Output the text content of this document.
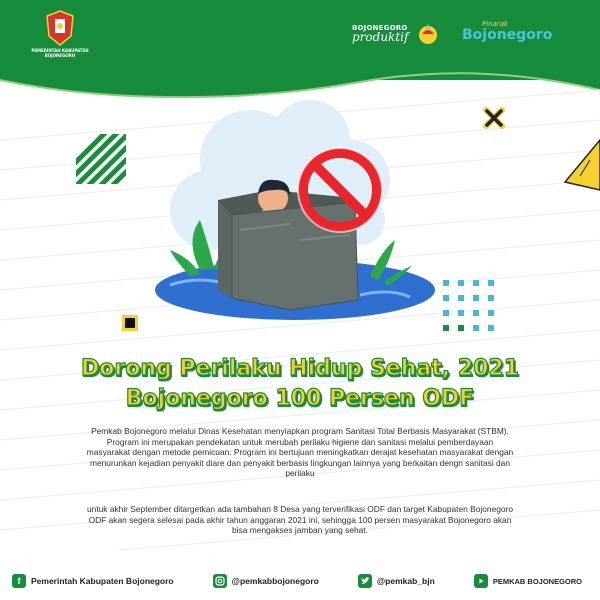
PEMERINTAH KABUPATEN
BOJONEGORO
BOJONEGORO
produktif
Pinarak
Bojonegoro
Dorong Perilaku Hidup Sehat, 2021
Bojonegoro 100 Persen ODF

Pemkab Bojonegoro melalui Dinas Kesehatan menyiapkan program Sanitasi Total Berbasis Masyarakat (STBM). Program ini merupakan pendekatan untuk merubah perilaku higiene dan sanitasi melalui pemberdayaan masyarakat dengan metode pemicuan. Program ini bertujuan meningkatkan derajat kesehatan masyarakat dengan menurunkan kejadian penyakit diare dan penyakit berbasis lingkungan lainnya yang berkaitan dengn sanitasi dan perilaku

untuk akhir September ditargetkan ada tambahan 8 Desa yang terverifikasi ODF dan target Kabupaten Bojonegoro ODF akan segera selesai pada akhir tahun anggaran 2021 ini, sehingga 100 persen masyarakat Bojonegoro akan bisa mengakses jamban yang sehat.

f	Pemerintah Kabupaten Bojonegoro	@pemkabbojonegoro	@pemkab_bjn	PEMKAB BOJONEGORO
